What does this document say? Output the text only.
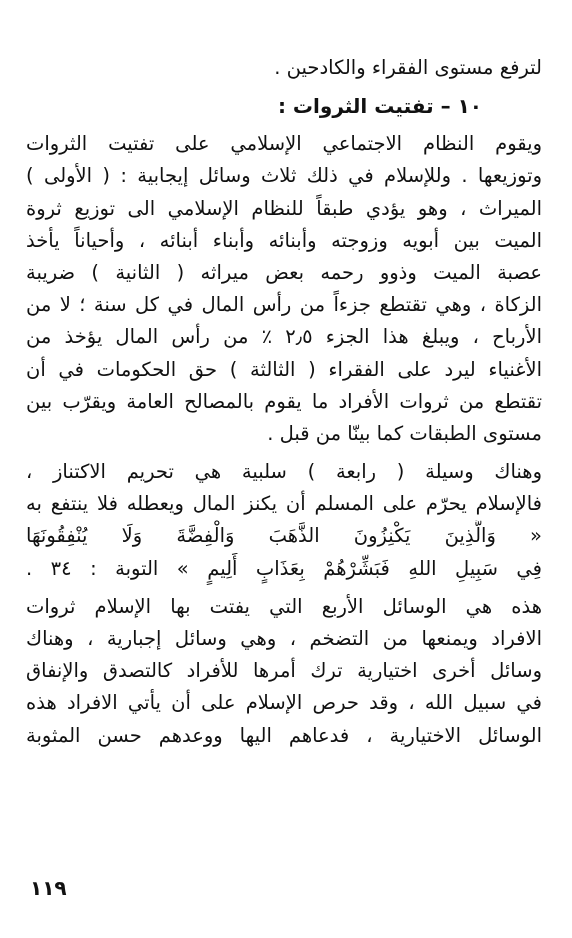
لترفع مستوى الفقراء والكادحين .
١٠ – تفتيت الثروات :
ويقوم النظام الاجتماعي الإسلامي على تفتيت الثروات
وتوزيعها . وللإسلام في ذلك ثلاث وسائل إيجابية : ( الأولى )
الميراث ، وهو يؤدي طبقاً للنظام الإسلامي الى توزيع ثروة
الميت بين أبويه وزوجته وأبنائه وأبناء أبنائه ، وأحياناً يأخذ
عصبة الميت وذوو رحمه بعض ميراثه ( الثانية ) ضريبة
الزكاة ، وهي تقتطع جزءاً من رأس المال في كل سنة ؛ لا من
الأرباح ، ويبلغ هذا الجزء ٢٫٥ ٪ من رأس المال يؤخذ من
الأغنياء ليرد على الفقراء ( الثالثة ) حق الحكومات في أن
تقتطع من ثروات الأفراد ما يقوم بالمصالح العامة ويقرّب بين
مستوى الطبقات كما بينّا من قبل .
وهناك وسيلة ( رابعة ) سلبية هي تحريم الاكتناز ،
فالإسلام يحرّم على المسلم أن يكنز المال ويعطله فلا ينتفع به
« وَالَّذِينَ يَكْنِزُونَ الذَّهَبَ وَالْفِضَّةَ وَلَا يُنْفِقُونَهَا
فِي سَبِيلِ اللهِ فَبَشِّرْهُمْ بِعَذَابٍ أَلِيمٍ » التوبة : ٣٤ .
هذه هي الوسائل الأربع التي يفتت بها الإسلام ثروات
الافراد ويمنعها من التضخم ، وهي وسائل إجبارية ، وهناك
وسائل أخرى اختيارية ترك أمرها للأفراد كالتصدق والإنفاق
في سبيل الله ، وقد حرص الإسلام على أن يأتي الافراد هذه
الوسائل الاختيارية ، فدعاهم اليها ووعدهم حسن المثوبة
١١٩
